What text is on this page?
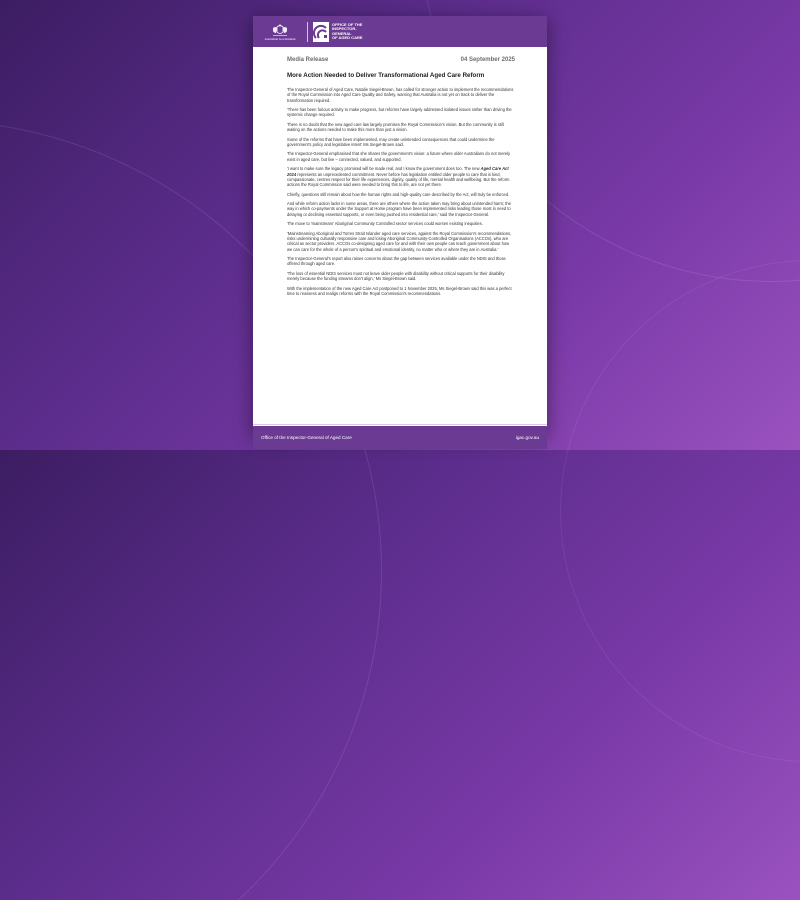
Australian Government
OFFICE OF THE
INSPECTOR-
GENERAL
OF AGED CARE
Media Release	04 September 2025
More Action Needed to Deliver Transformational Aged Care Reform

The Inspector-General of Aged Care, Natalie Siegel-Brown, has called for stronger action to implement the recommendations of the Royal Commission into Aged Care Quality and Safety, warning that Australia is not yet on track to deliver the transformation required.

'There has been furious activity to make progress, but reforms have largely addressed isolated issues rather than driving the systemic change required.

There is no doubt that the new aged care law largely promises the Royal Commission's vision. But the community is still waiting on the actions needed to make this more than just a vision.

Some of the reforms that have been implemented, may create unintended consequences that could undermine the government's policy and legislative intent' Ms Siegel-Brown said.

The Inspector-General emphasised that she shares the government's vision: a future where older Australians do not merely exist in aged care, but live – connected, valued, and supported.

'I want to make sure the legacy promised will be made real, and I know the government does too. The new Aged Care Act 2024 represents an unprecedented commitment. Never before has legislation entitled older people to care that is kind, compassionate, centres respect for their life experiences, dignity, quality of life, mental health and wellbeing. But the reform actions the Royal Commission said were needed to bring this to life, are not yet there.

Chiefly, questions still remain about how the human rights and high-quality care described by the Act, will truly be enforced.

And while reform action lacks in some areas, there are others where the action taken may bring about unintended harm; the way in which co-payments under the Support at Home program have been implemented risks leading those most in need to delaying or declining essential supports, or even being pushed into residential care,' said the Inspector-General.

The move to 'mainstream' Aboriginal Community Controlled sector services could worsen existing inequities.

'Mainstreaming Aboriginal and Torres Strait Islander aged care services, against the Royal Commission's recommendations, risks undermining culturally responsive care and losing Aboriginal Community-Controlled Organisations (ACCOs), who are critical as sector providers. ACCOs co-designing aged care for and with their own people can teach government about how we can care for the whole of a person's spiritual and emotional identity, no matter who or where they are in Australia.'

The Inspector-General's report also raises concerns about the gap between services available under the NDIS and those offered through aged care.

'The loss of essential NDIS services must not leave older people with disability without critical supports for their disability merely because the funding streams don't align,' Ms Siegel-Brown said.

With the implementation of the new Aged Care Act postponed to 1 November 2025, Ms Siegel-Brown said this was a perfect time to reassess and realign reforms with the Royal Commission's recommendations.

Office of the Inspector-General of Aged Care	igac.gov.au
